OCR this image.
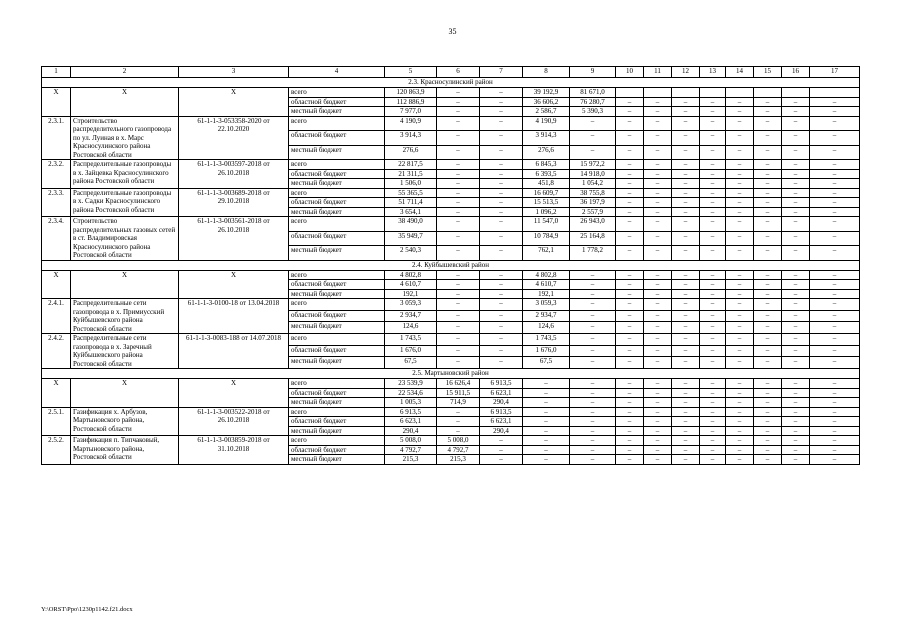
35
1	2	3	4	5	6	7	8	9	10	11	12	13	14	15	16	17
2.3. Красносулинский район																
Х	Х	Х	всего	120 863,9	–	–	39 192,9	81 671,0								
			областной бюджет	112 886,9	–	–	36 606,2	76 280,7	–	–	–	–	–	–	–	–
			местный бюджет	7 977,0	–	–	2 586,7	5 390,3	–	–	–	–	–	–	–	–
2.3.1.	Строительство распределительного газопровода по ул. Луиная в х. Марс Красносулинского района Ростовской области	61-1-1-3-053358-2020 от 22.10.2020	всего	4 190,9	–	–	4 190,9	–	–	–	–	–	–	–	–	–
			областной бюджет	3 914,3	–	–	3 914,3	–	–	–	–	–	–	–	–	–
			местный бюджет	276,6	–	–	276,6	–	–	–	–	–	–	–	–	–
2.3.2.	Распределительные газопроводы в х. Зайцевка Красносулинского района Ростовской области	61-1-1-3-003597-2018 от 26.10.2018	всего	22 817,5	–	–	6 845,3	15 972,2	–	–	–	–	–	–	–	–
			областной бюджет	21 311,5	–	–	6 393,5	14 918,0	–	–	–	–	–	–	–	–
			местный бюджет	1 506,0	–	–	451,8	1 054,2	–	–	–	–	–	–	–	–
2.3.3.	Распределительные газопроводы в х. Садки Красносулинского района Ростовской области	61-1-1-3-003689-2018 от 29.10.2018	всего	55 365,5	–	–	16 609,7	38 755,8	–	–	–	–	–	–	–	–
			областной бюджет	51 711,4	–	–	15 513,5	36 197,9	–	–	–	–	–	–	–	–
			местный бюджет	3 654,1	–	–	1 096,2	2 557,9	–	–	–	–	–	–	–	–
2.3.4.	Строительство распределительных газовых сетей в ст. Владимировская Красносулинского района Ростовской области	61-1-1-3-003561-2018 от 26.10.2018	всего	38 490,0	–	–	11 547,0	26 943,0	–	–	–	–	–	–	–	–
			областной бюджет	35 949,7	–	–	10 784,9	25 164,8	–	–	–	–	–	–	–	–
			местный бюджет	2 540,3	–	–	762,1	1 778,2	–	–	–	–	–	–	–	–
2.4. Куйбышевский район																
Х	Х	Х	всего	4 802,8	–	–	4 802,8	–	–	–	–	–	–	–	–	–
			областной бюджет	4 610,7	–	–	4 610,7	–	–	–	–	–	–	–	–	–
			местный бюджет	192,1	–	–	192,1	–	–	–	–	–	–	–	–	–
2.4.1.	Распределительные сети газопровода в х. Примиусский Куйбышевского района Ростовской области	61-1-1-3-0100-18 от 13.04.2018	всего	3 059,3	–	–	3 059,3	–	–	–	–	–	–	–	–	–
			областной бюджет	2 934,7	–	–	2 934,7	–	–	–	–	–	–	–	–	–
			местный бюджет	124,6	–	–	124,6	–	–	–	–	–	–	–	–	–
2.4.2.	Распределительные сети газопровода в х. Заречный Куйбышевского района Ростовской области	61-1-1-3-0083-188 от 14.07.2018	всего	1 743,5	–	–	1 743,5	–	–	–	–	–	–	–	–	–
			областной бюджет	1 676,0	–	–	1 676,0	–	–	–	–	–	–	–	–	–
			местный бюджет	67,5	–	–	67,5	–	–	–	–	–	–	–	–	–
2.5. Мартыновский район																
Х	Х	Х	всего	23 539,9	16 626,4	6 913,5	–	–	–	–	–	–	–	–	–	–
			областной бюджет	22 534,6	15 911,5	6 623,1	–	–	–	–	–	–	–	–	–	–
			местный бюджет	1 005,3	714,9	290,4	–	–	–	–	–	–	–	–	–	–
2.5.1.	Газификация х. Арбузов, Мартыновского района, Ростовской области	61-1-1-3-003522-2018 от 26.10.2018	всего	6 913,5	–	6 913,5	–	–	–	–	–	–	–	–	–	–
			областной бюджет	6 623,1	–	6 623,1	–	–	–	–	–	–	–	–	–	–
			местный бюджет	290,4	–	290,4	–	–	–	–	–	–	–	–	–	–
2.5.2.	Газификация п. Типчаковый, Мартыновского района, Ростовской области	61-1-1-3-003859-2018 от 31.10.2018	всего	5 008,0	5 008,0	–	–	–	–	–	–	–	–	–	–	–
			областной бюджет	4 792,7	4 792,7	–	–	–	–	–	–	–	–	–	–	–
			местный бюджет	215,3	215,3	–	–	–	–	–	–	–	–	–	–	–
Y:\ORST\Ppo\1230p1142.f21.docx
